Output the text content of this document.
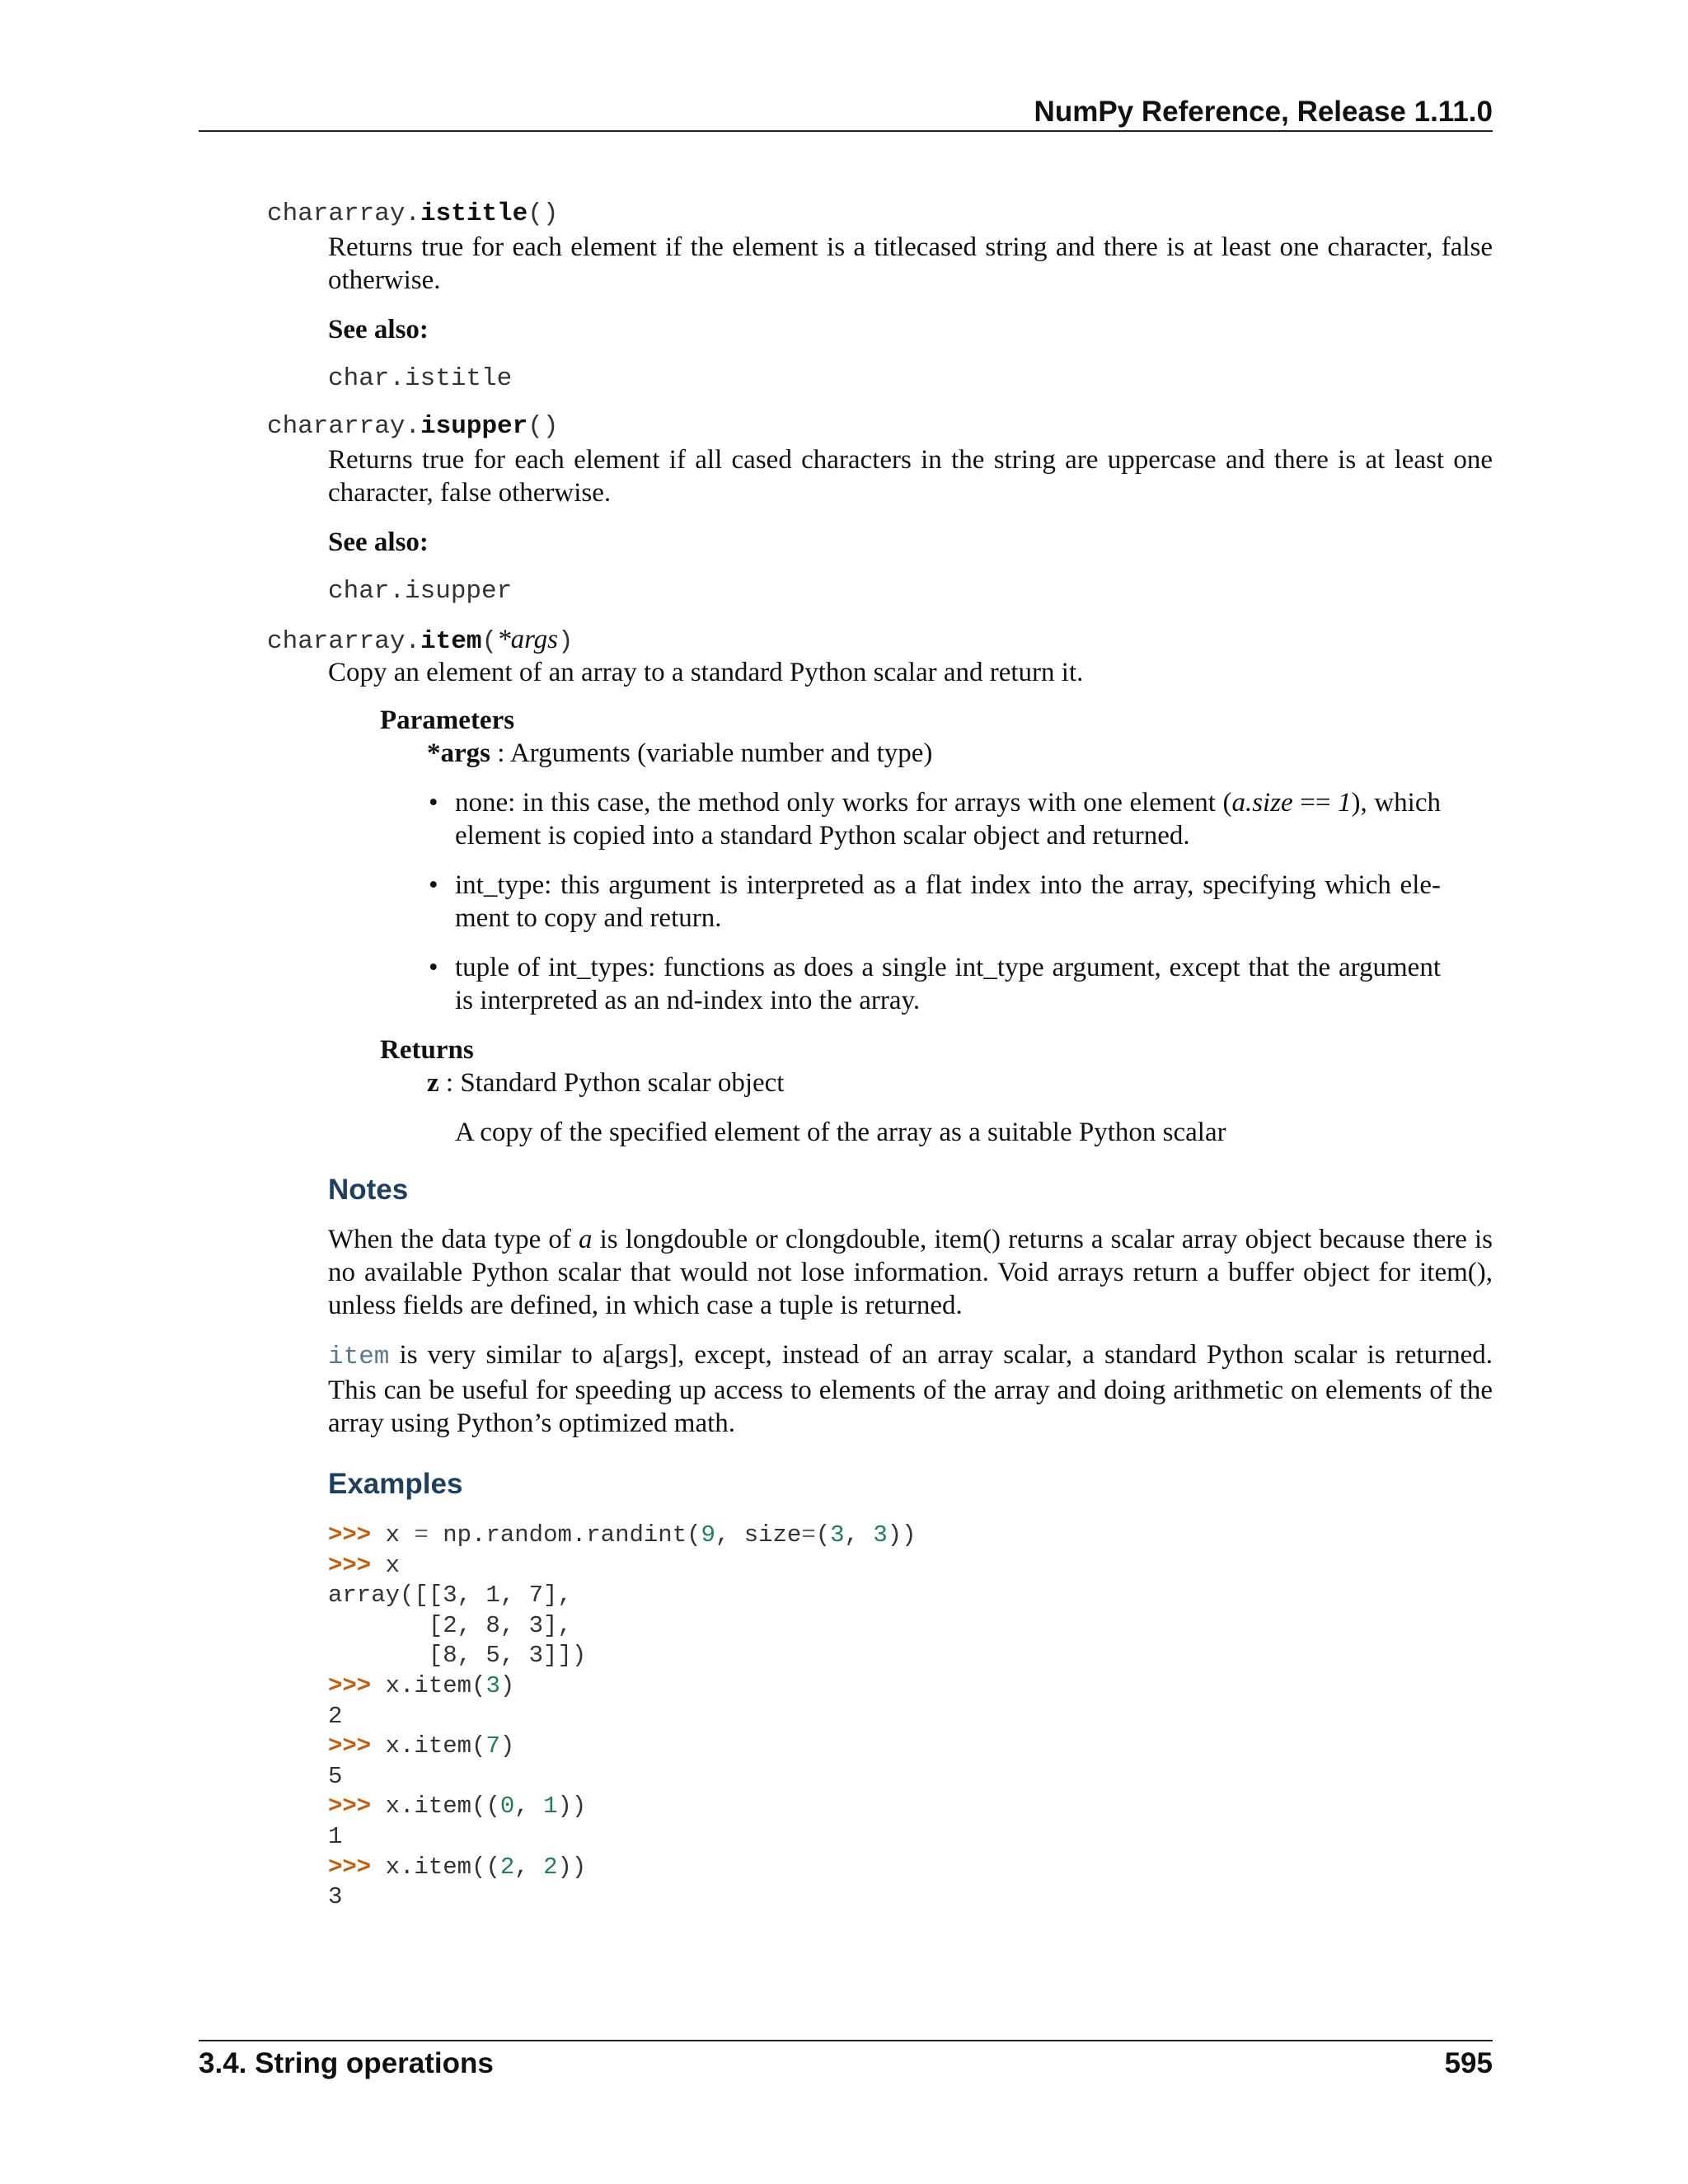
NumPy Reference, Release 1.11.0
chararray.istitle()

Returns true for each element if the element is a titlecased string and there is at least one character, false otherwise.

See also:
char.istitle
chararray.isupper()

Returns true for each element if all cased characters in the string are uppercase and there is at least one character, false otherwise.

See also:
char.isupper
chararray.item(*args)

Copy an element of an array to a standard Python scalar and return it.

Parameters
*args : Arguments (variable number and type)
• none: in this case, the method only works for arrays with one element (a.size == 1), which element is copied into a standard Python scalar object and returned.
• int_type: this argument is interpreted as a flat index into the array, specifying which ele-ment to copy and return.
• tuple of int_types: functions as does a single int_type argument, except that the argument is interpreted as an nd-index into the array.
Returns
z : Standard Python scalar object
A copy of the specified element of the array as a suitable Python scalar
Notes

When the data type of a is longdouble or clongdouble, item() returns a scalar array object because there is no available Python scalar that would not lose information. Void arrays return a buffer object for item(), unless fields are defined, in which case a tuple is returned.

item is very similar to a[args], except, instead of an array scalar, a standard Python scalar is returned. This can be useful for speeding up access to elements of the array and doing arithmetic on elements of the array using Python’s optimized math.

Examples
>>> x = np.random.randint(9, size=(3, 3))
>>> x
array([[3, 1, 7],
[2, 8, 3],
[8, 5, 3]])
>>> x.item(3)
2
>>> x.item(7)
5
>>> x.item((0, 1))
1
>>> x.item((2, 2))
3
3.4. String operations	595
